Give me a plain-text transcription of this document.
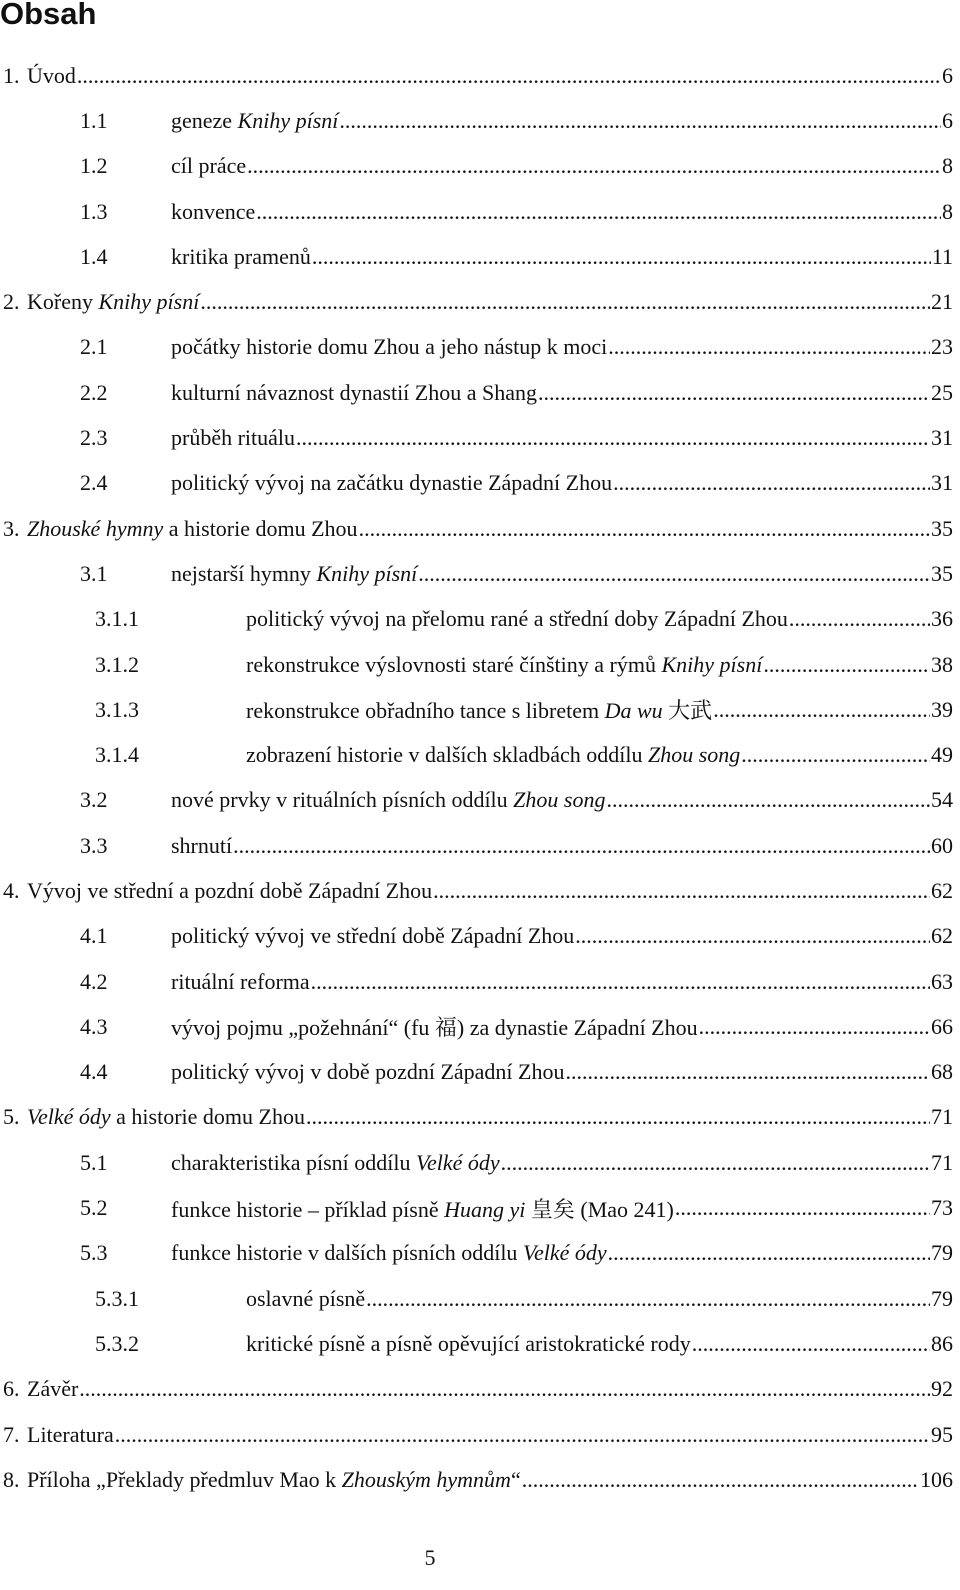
Obsah
1. Úvod .....	6
1.1	geneze Knihy písní .....	6
1.2	cíl práce .....	8
1.3	konvence .....	8
1.4	kritika pramenů .....	11
2. Kořeny Knihy písní .....	21
2.1	počátky historie domu Zhou a jeho nástup k moci .....	23
2.2	kulturní návaznost dynastií Zhou a Shang .....	25
2.3	průběh rituálu .....	31
2.4	politický vývoj na začátku dynastie Západní Zhou .....	31
3. Zhouské hymny a historie domu Zhou .....	35
3.1	nejstarší hymny Knihy písní .....	35
3.1.1	politický vývoj na přelomu rané a střední doby Západní Zhou .....	36
3.1.2	rekonstrukce výslovnosti staré čínštiny a rýmů Knihy písní .....	38
3.1.3	rekonstrukce obřadního tance s libretem Da wu 大武 .....	39
3.1.4	zobrazení historie v dalších skladbách oddílu Zhou song .....	49
3.2	nové prvky v rituálních písních oddílu Zhou song .....	54
3.3	shrnutí .....	60
4. Vývoj ve střední a pozdní době Západní Zhou .....	62
4.1	politický vývoj ve střední době Západní Zhou .....	62
4.2	rituální reforma .....	63
4.3	vývoj pojmu „požehnání“ (fu 福) za dynastie Západní Zhou .....	66
4.4	politický vývoj v době pozdní Západní Zhou .....	68
5. Velké ódy a historie domu Zhou .....	71
5.1	charakteristika písní oddílu Velké ódy .....	71
5.2	funkce historie – příklad písně Huang yi 皇矣 (Mao 241) .....	73
5.3	funkce historie v dalších písních oddílu Velké ódy .....	79
5.3.1	oslavné písně .....	79
5.3.2	kritické písně a písně opěvující aristokratické rody .....	86
6. Závěr .....	92
7. Literatura .....	95
8. Příloha „Překlady předmluv Mao k Zhouským hymnům“ .....	106
5
